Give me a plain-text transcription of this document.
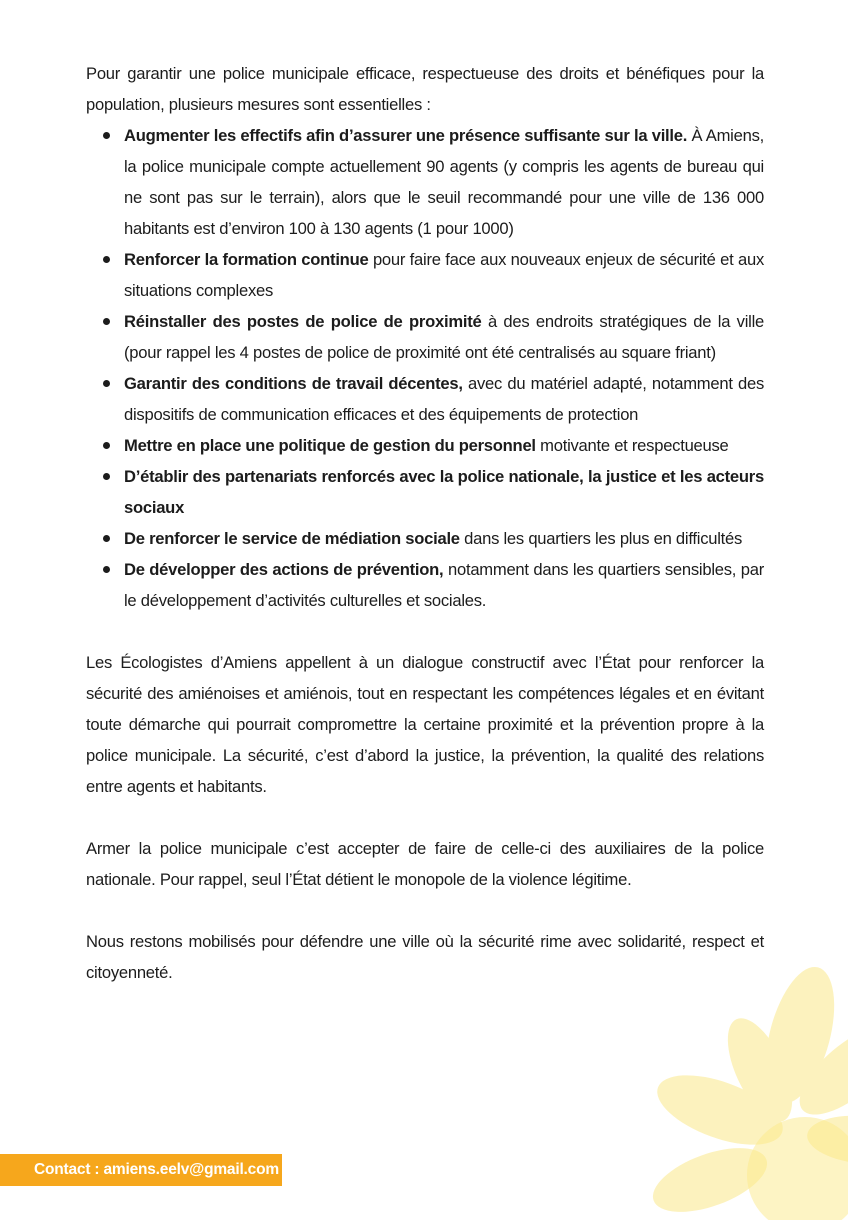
Pour garantir une police municipale efficace, respectueuse des droits et bénéfiques pour la population, plusieurs mesures sont essentielles :

Augmenter les effectifs afin d’assurer une présence suffisante sur la ville. À Amiens, la police municipale compte actuellement 90 agents (y compris les agents de bureau qui ne sont pas sur le terrain), alors que le seuil recommandé pour une ville de 136 000 habitants est d’environ 100 à 130 agents (1 pour 1000)
Renforcer la formation continue pour faire face aux nouveaux enjeux de sécurité et aux situations complexes
Réinstaller des postes de police de proximité à des endroits stratégiques de la ville (pour rappel les 4 postes de police de proximité ont été centralisés au square friant)
Garantir des conditions de travail décentes, avec du matériel adapté, notamment des dispositifs de communication efficaces et des équipements de protection
Mettre en place une politique de gestion du personnel motivante et respectueuse
D’établir des partenariats renforcés avec la police nationale, la justice et les acteurs sociaux
De renforcer le service de médiation sociale dans les quartiers les plus en difficultés
De développer des actions de prévention, notamment dans les quartiers sensibles, par le développement d’activités culturelles et sociales.

Les Écologistes d’Amiens appellent à un dialogue constructif avec l’État pour renforcer la sécurité des amiénoises et amiénois, tout en respectant les compétences légales et en évitant toute démarche qui pourrait compromettre la certaine proximité et la prévention propre à la police municipale. La sécurité, c’est d’abord la justice, la prévention, la qualité des relations entre agents et habitants.

Armer la police municipale c’est accepter de faire de celle-ci des auxiliaires de la police nationale. Pour rappel, seul l’État détient le monopole de la violence légitime.

Nous restons mobilisés pour défendre une ville où la sécurité rime avec solidarité, respect et citoyenneté.

Contact : amiens.eelv@gmail.com
